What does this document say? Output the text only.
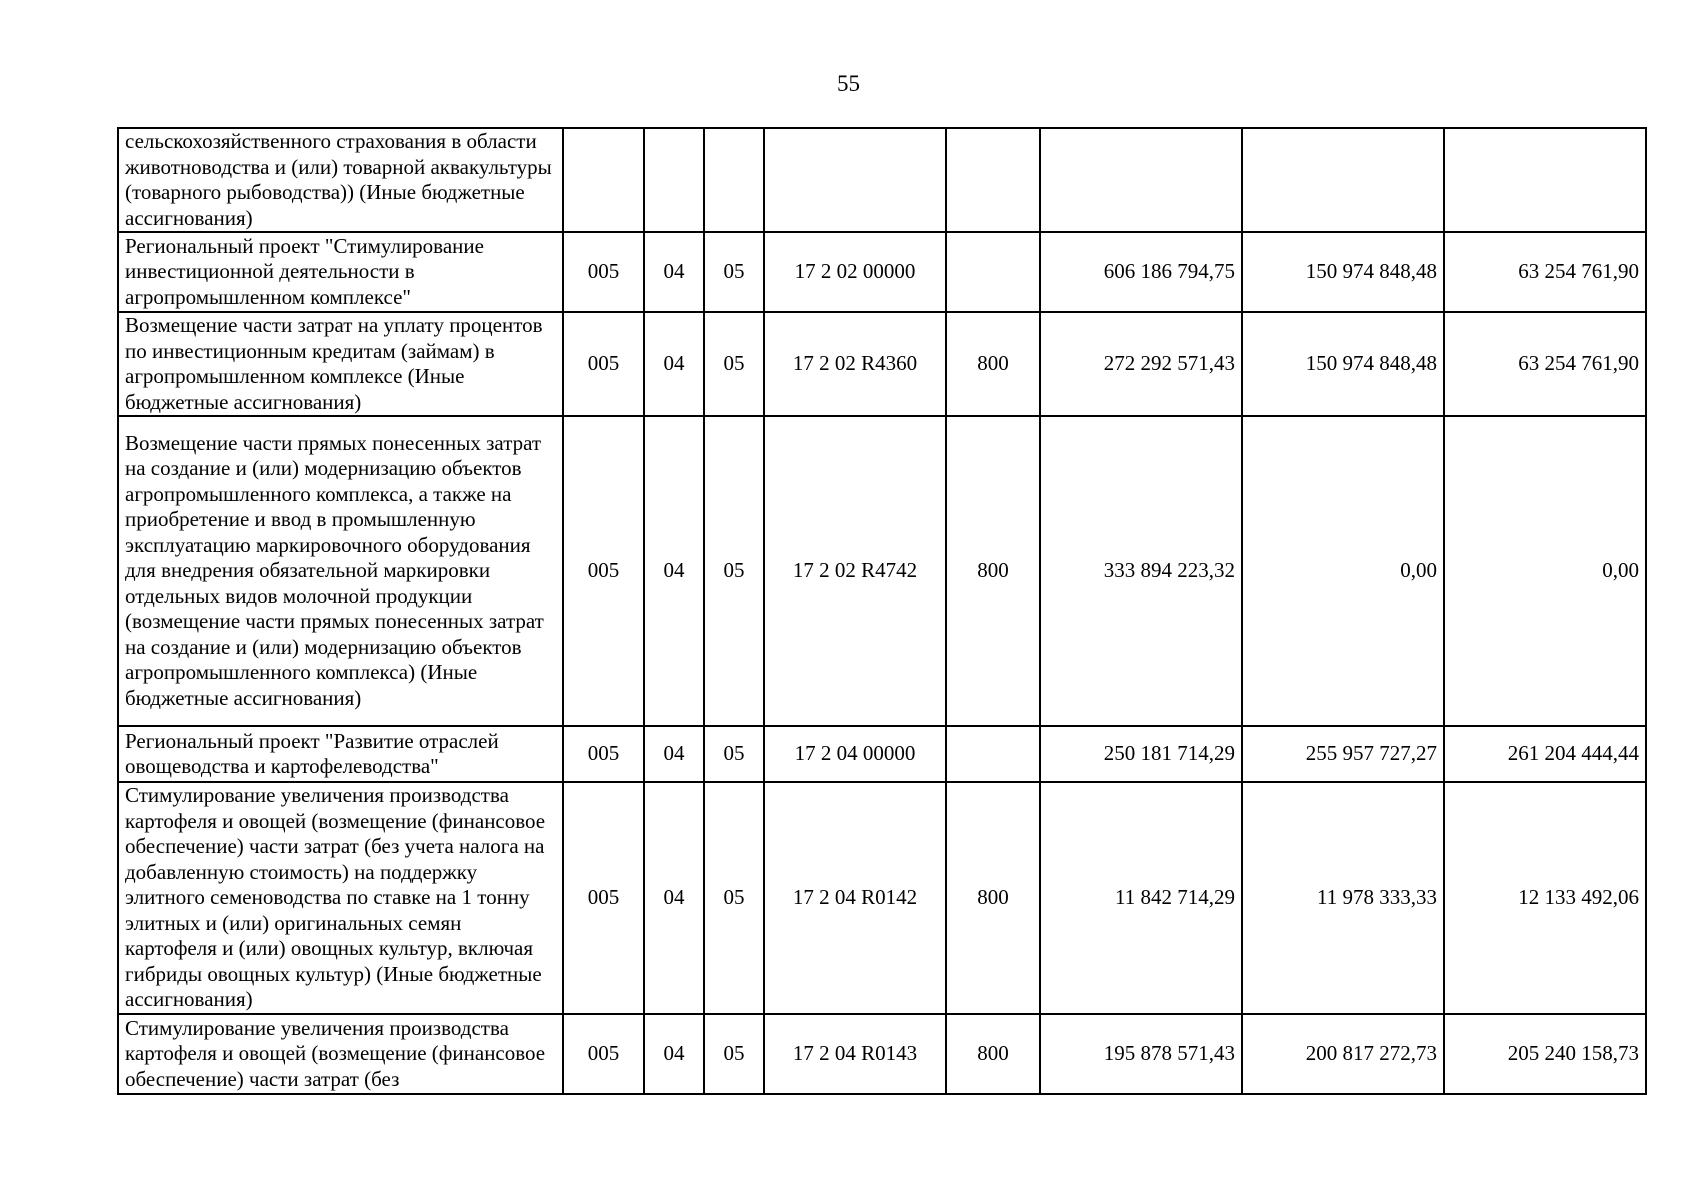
55
сельскохозяйственного страхования в области животноводства и (или) товарной аквакультуры (товарного рыбоводства)) (Иные бюджетные ассигнования)								
Региональный проект "Стимулирование инвестиционной деятельности в агропромышленном комплексе"	005	04	05	17 2 02 00000		606 186 794,75	150 974 848,48	63 254 761,90
Возмещение части затрат на уплату процентов по инвестиционным кредитам (займам) в агропромышленном комплексе (Иные бюджетные ассигнования)	005	04	05	17 2 02 R4360	800	272 292 571,43	150 974 848,48	63 254 761,90
Возмещение части прямых понесенных затрат на создание и (или) модернизацию объектов агропромышленного комплекса, а также на приобретение и ввод в промышленную эксплуатацию маркировочного оборудования для внедрения обязательной маркировки отдельных видов молочной продукции (возмещение части прямых понесенных затрат на создание и (или) модернизацию объектов агропромышленного комплекса) (Иные бюджетные ассигнования)	005	04	05	17 2 02 R4742	800	333 894 223,32	0,00	0,00
Региональный проект "Развитие отраслей овощеводства и картофелеводства"	005	04	05	17 2 04 00000		250 181 714,29	255 957 727,27	261 204 444,44
Стимулирование увеличения производства картофеля и овощей (возмещение (финансовое обеспечение) части затрат (без учета налога на добавленную стоимость) на поддержку элитного семеноводства по ставке на 1 тонну элитных и (или) оригинальных семян картофеля и (или) овощных культур, включая гибриды овощных культур) (Иные бюджетные ассигнования)	005	04	05	17 2 04 R0142	800	11 842 714,29	11 978 333,33	12 133 492,06
Стимулирование увеличения производства картофеля и овощей (возмещение (финансовое обеспечение) части затрат (без	005	04	05	17 2 04 R0143	800	195 878 571,43	200 817 272,73	205 240 158,73
